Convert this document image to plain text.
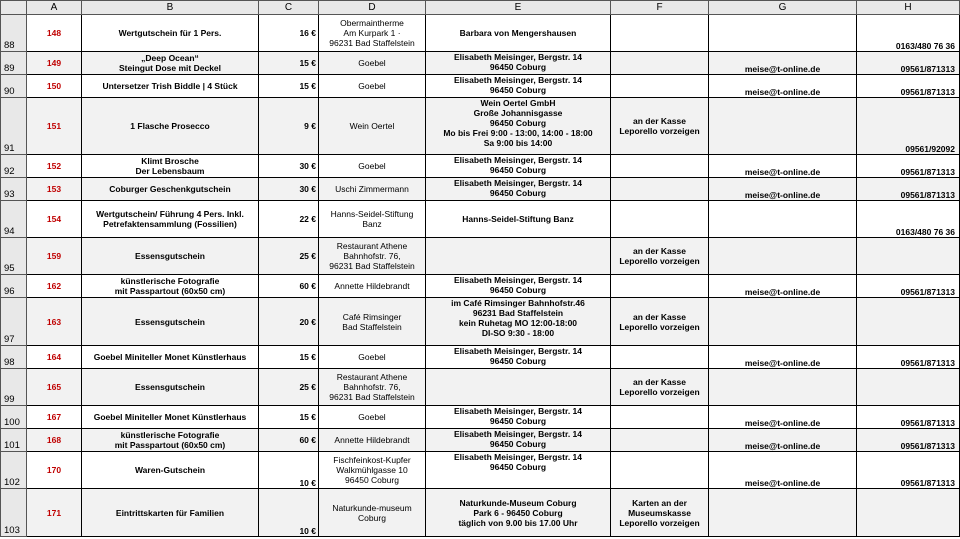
	A	B	C	D	E	F	G	H
88	148	Wertgutschein für 1 Pers.	16 €	Obermaintherme
Am Kurpark 1 ·
96231 Bad Staffelstein	Barbara von Mengershausen			0163/480 76 36
89	149	„Deep Ocean“
Steingut Dose mit Deckel	15 €	Goebel	Elisabeth Meisinger, Bergstr. 14
96450 Coburg		meise@t-online.de	09561/871313
90	150	Untersetzer Trish Biddle | 4 Stück	15 €	Goebel	Elisabeth Meisinger, Bergstr. 14
96450 Coburg		meise@t-online.de	09561/871313
91	151	1 Flasche Prosecco	9 €	Wein Oertel	Wein Oertel GmbH
Große Johannisgasse
96450 Coburg
Mo bis Frei 9:00 - 13:00, 14:00 - 18:00
Sa 9:00 bis 14:00	an der Kasse
Leporello vorzeigen		09561/92092
92	152	Klimt Brosche
Der Lebensbaum	30 €	Goebel	Elisabeth Meisinger, Bergstr. 14
96450 Coburg		meise@t-online.de	09561/871313
93	153	Coburger Geschenkgutschein	30 €	Uschi Zimmermann	Elisabeth Meisinger, Bergstr. 14
96450 Coburg		meise@t-online.de	09561/871313
94	154	Wertgutschein/ Führung 4 Pers. Inkl.
Petrefaktensammlung (Fossilien)	22 €	Hanns-Seidel-Stiftung
Banz	Hanns-Seidel-Stiftung Banz			0163/480 76 36
95	159	Essensgutschein	25 €	Restaurant Athene
Bahnhofstr. 76,
96231 Bad Staffelstein		an der Kasse
Leporello vorzeigen		
96	162	künstlerische Fotografie
mit Passpartout (60x50 cm)	60 €	Annette Hildebrandt	Elisabeth Meisinger, Bergstr. 14
96450 Coburg		meise@t-online.de	09561/871313
97	163	Essensgutschein	20 €	Café Rimsinger
Bad Staffelstein	im Café Rimsinger Bahnhofstr.46
96231 Bad Staffelstein
kein Ruhetag MO 12:00-18:00
DI-SO 9:30 - 18:00	an der Kasse
Leporello vorzeigen		
98	164	Goebel Miniteller Monet Künstlerhaus	15 €	Goebel	Elisabeth Meisinger, Bergstr. 14
96450 Coburg		meise@t-online.de	09561/871313
99	165	Essensgutschein	25 €	Restaurant Athene
Bahnhofstr. 76,
96231 Bad Staffelstein		an der Kasse
Leporello vorzeigen		
100	167	Goebel Miniteller Monet Künstlerhaus	15 €	Goebel	Elisabeth Meisinger, Bergstr. 14
96450 Coburg		meise@t-online.de	09561/871313
101	168	künstlerische Fotografie
mit Passpartout (60x50 cm)	60 €	Annette Hildebrandt	Elisabeth Meisinger, Bergstr. 14
96450 Coburg		meise@t-online.de	09561/871313
102	170	Waren-Gutschein	10 €	Fischfeinkost-Kupfer
Walkmühlgasse 10
96450 Coburg	Elisabeth Meisinger, Bergstr. 14
96450 Coburg		meise@t-online.de	09561/871313
103	171	Eintrittskarten für Familien	10 €	Naturkunde-museum
Coburg	Naturkunde-Museum Coburg
Park 6 - 96450 Coburg
täglich von 9.00 bis 17.00 Uhr	Karten an der
Museumskasse
Leporello vorzeigen		
